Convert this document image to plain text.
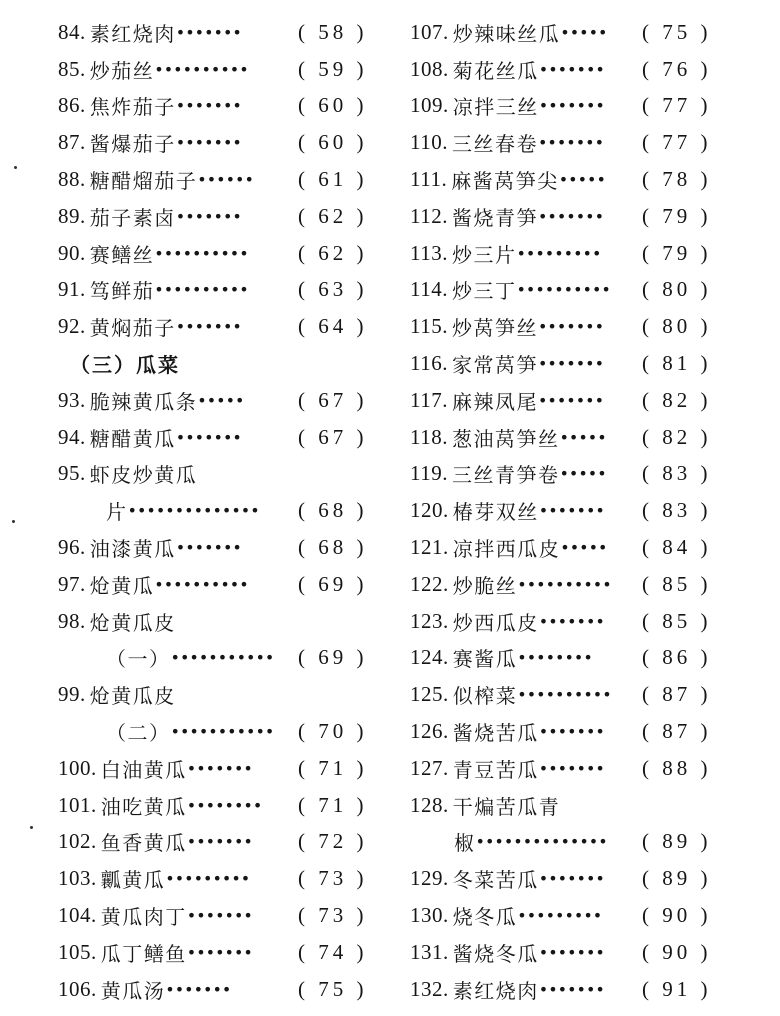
84. 素红烧肉 •••••••	( 58 )
85. 炒茄丝 •••••••••• ( 59 )
86. 焦炸茄子 •••••••	( 60 )
87. 酱爆茄子 •••••••	( 60 )
88. 糖醋熘茄子 •••••• ( 61 )
89. 茄子素卤 •••••••	( 62 )
90. 赛鳝丝 •••••••••• ( 62 )
91. 笃鲜茄 •••••••••• ( 63 )
92. 黄焖茄子 •••••••	( 64 )
（三）瓜菜
93. 脆辣黄瓜条 •••••	( 67 )
94. 糖醋黄瓜 •••••••	( 67 )
95. 虾皮炒黄瓜
片 •••••••••••••• ( 68 )
96. 油漆黄瓜 •••••••	( 68 )
97. 炝黄瓜 •••••••••• ( 69 )
98. 炝黄瓜皮
（一） ••••••••••• ( 69 )
99. 炝黄瓜皮
（二） ••••••••••• ( 70 )
100. 白油黄瓜 ••••••• ( 71 )
101. 油吃黄瓜 •••••••• ( 71 )
102. 鱼香黄瓜 ••••••• ( 72 )
103. 瓤黄瓜 ••••••••• ( 73 )
104. 黄瓜肉丁 ••••••• ( 73 )
105. 瓜丁鳝鱼 ••••••• ( 74 )
106. 黄瓜汤 •••••••	( 75 )
107. 炒辣味丝瓜 ••••• ( 75 )
108. 菊花丝瓜 ••••••• ( 76 )
109. 凉拌三丝 ••••••• ( 77 )
110. 三丝春卷 ••••••• ( 77 )
111. 麻酱莴笋尖 ••••• ( 78 )
112. 酱烧青笋 ••••••• ( 79 )
113. 炒三片 ••••••••• ( 79 )
114. 炒三丁 •••••••••• ( 80 )
115. 炒莴笋丝 ••••••• ( 80 )
116. 家常莴笋 ••••••• ( 81 )
117. 麻辣凤尾 ••••••• ( 82 )
118. 葱油莴笋丝 ••••• ( 82 )
119. 三丝青笋卷 ••••• ( 83 )
120. 椿芽双丝 ••••••• ( 83 )
121. 凉拌西瓜皮 ••••• ( 84 )
122. 炒脆丝 •••••••••• ( 85 )
123. 炒西瓜皮 ••••••• ( 85 )
124. 赛酱瓜 •••••••• ( 86 )
125. 似榨菜 •••••••••• ( 87 )
126. 酱烧苦瓜 ••••••• ( 87 )
127. 青豆苦瓜 ••••••• ( 88 )
128. 干煸苦瓜青
椒 •••••••••••••• ( 89 )
129. 冬菜苦瓜 ••••••• ( 89 )
130. 烧冬瓜 ••••••••• ( 90 )
131. 酱烧冬瓜 ••••••• ( 90 )
132. 素红烧肉 ••••••• ( 91 )
